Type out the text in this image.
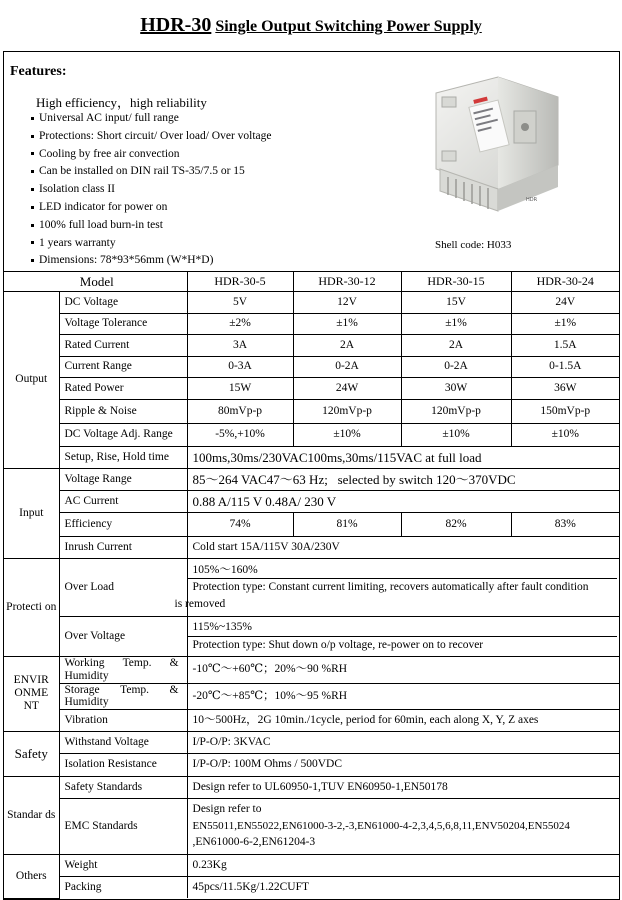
HDR-30 Single Output Switching Power Supply
Features:
High efficiency，high reliability
Universal AC input/ full range
Protections: Short circuit/ Over load/ Over voltage
Cooling by free air convection
Can be installed on DIN rail TS-35/7.5 or 15
Isolation class II
LED indicator for power on
100% full load burn-in test
1 years warranty
Dimensions: 78*93*56mm (W*H*D)
HDR
Shell code: H033
Model		HDR-30-5	HDR-30-12	HDR-30-15	HDR-30-24
Output	DC Voltage	5V	12V	15V	24V
	Voltage Tolerance	±2%	±1%	±1%	±1%
	Rated Current	3A	2A	2A	1.5A
	Current Range	0-3A	0-2A	0-2A	0-1.5A
	Rated Power	15W	24W	30W	36W
	Ripple & Noise	80mVp-p	120mVp-p	120mVp-p	150mVp-p
	DC Voltage Adj. Range	-5%,+10%	±10%	±10%	±10%
	Setup, Rise, Hold time	100ms,30ms/230VAC100ms,30ms/115VAC at full load			
Input	Voltage Range	85～264 VAC47～63 Hz; selected by switch 120～370VDC			
	AC Current	0.88 A/115 V 0.48A/ 230 V			
	Efficiency	74%	81%	82%	83%
	Inrush Current	Cold start 15A/115V 30A/230V			
Protecti on	Over Load	105%～160%
Protection type: Constant current limiting, recovers automatically after fault condition
is removed			

	Over Voltage	115%~135%
Protection type: Shut down o/p voltage, re-power on to recover			

ENVIR ONME NT	Working Temp. &
Humidity	-10℃～+60℃；20%～90 %RH			

	Storage Temp. &
Humidity	-20℃～+85℃；10%～95 %RH			
	Vibration	10～500Hz，2G 10min./1cycle, period for 60min, each along X, Y, Z axes			
Safety	Withstand Voltage	I/P-O/P: 3KVAC			
	Isolation Resistance	I/P-O/P: 100M Ohms / 500VDC			
Standar ds	Safety Standards	Design refer to UL60950-1,TUV EN60950-1,EN50178			
	EMC Standards	Design refer to
EN55011,EN55022,EN61000-3-2,-3,EN61000-4-2,3,4,5,6,8,11,ENV50204,EN55024
,EN61000-6-2,EN61204-3			

Others	Weight	0.23Kg			
	Packing	45pcs/11.5Kg/1.22CUFT			
